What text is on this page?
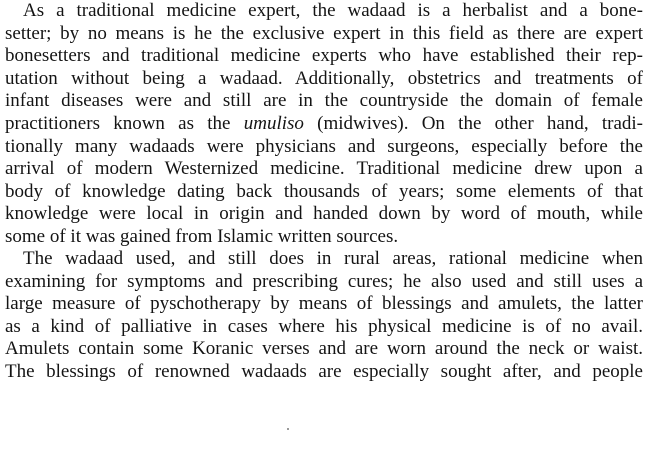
As a traditional medicine expert, the wadaad is a herbalist and a bone-
setter; by no means is he the exclusive expert in this field as there are expert
bonesetters and traditional medicine experts who have established their rep-
utation without being a wadaad. Additionally, obstetrics and treatments of
infant diseases were and still are in the countryside the domain of female
practitioners known as the umuliso (midwives). On the other hand, tradi-
tionally many wadaads were physicians and surgeons, especially before the
arrival of modern Westernized medicine. Traditional medicine drew upon a
body of knowledge dating back thousands of years; some elements of that
knowledge were local in origin and handed down by word of mouth, while
some of it was gained from Islamic written sources.
The wadaad used, and still does in rural areas, rational medicine when
examining for symptoms and prescribing cures; he also used and still uses a
large measure of pyschotherapy by means of blessings and amulets, the latter
as a kind of palliative in cases where his physical medicine is of no avail.
Amulets contain some Koranic verses and are worn around the neck or waist.
The blessings of renowned wadaads are especially sought after, and people
